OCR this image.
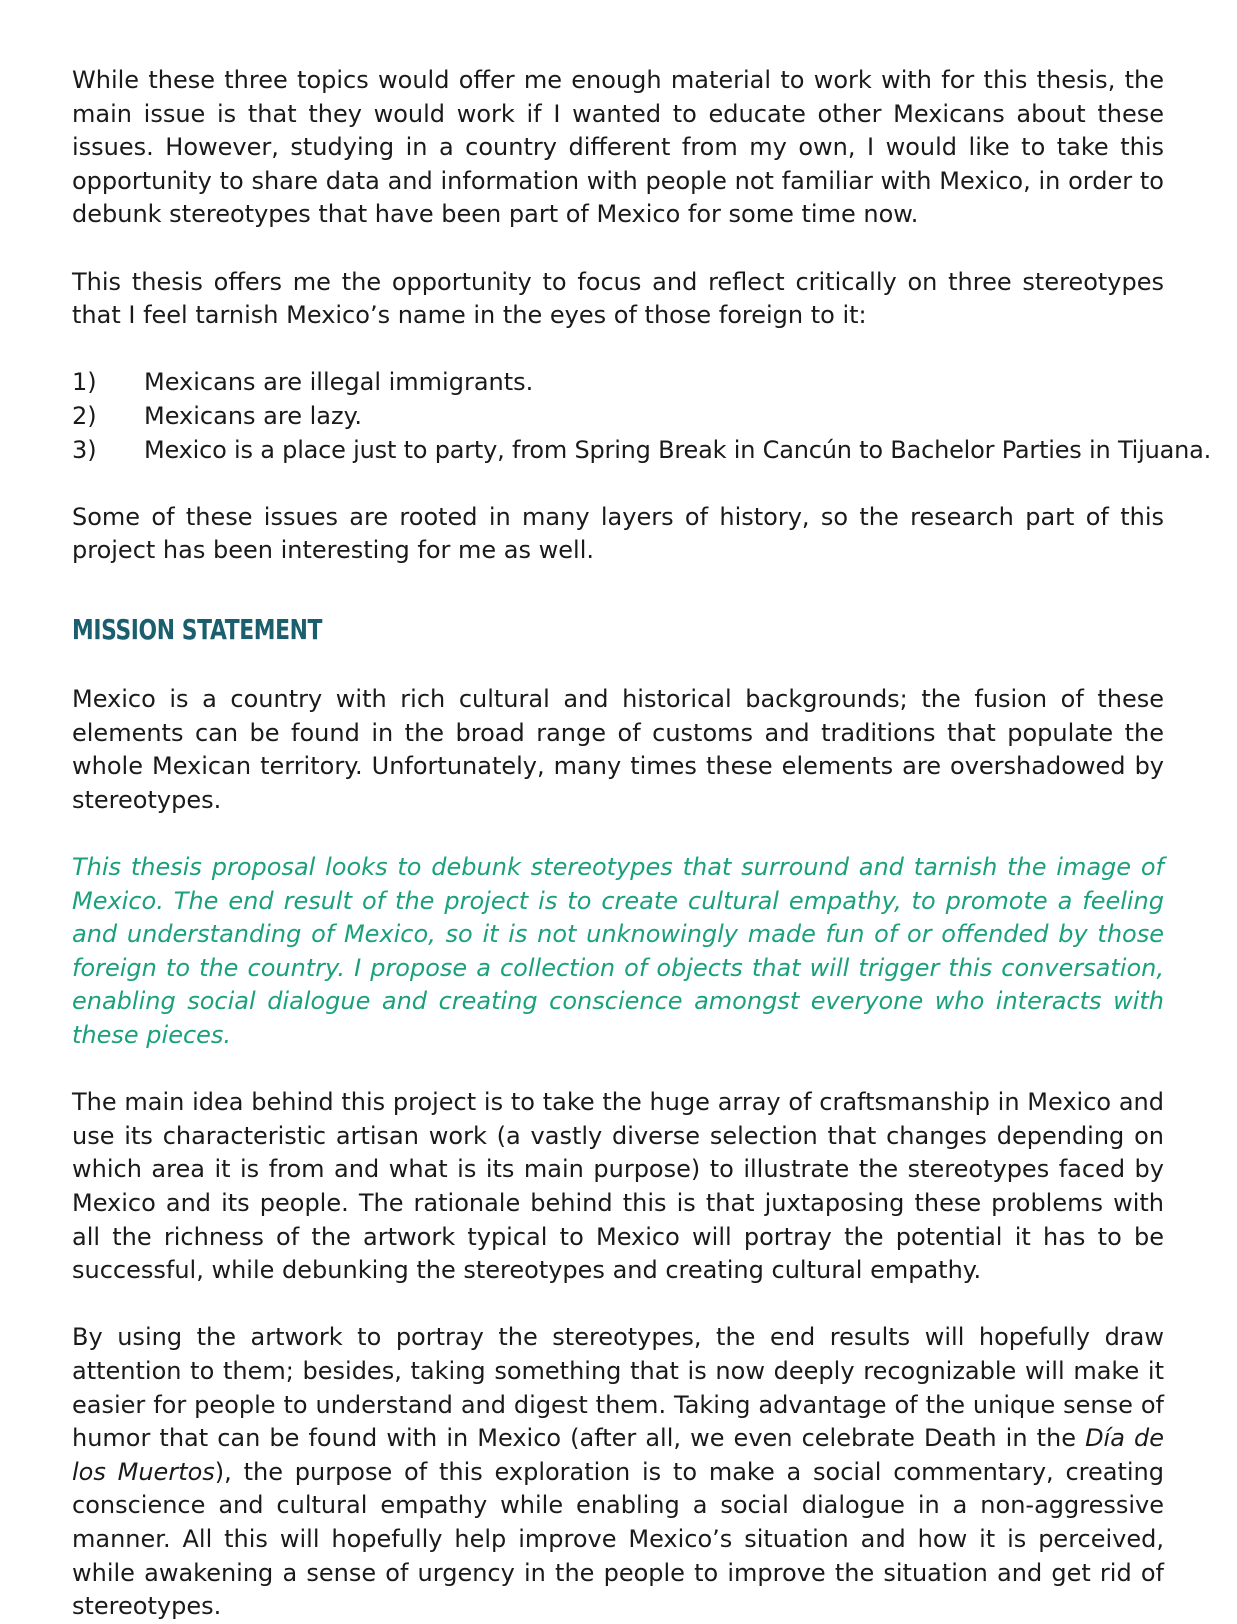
While these three topics would offer me enough material to work with for this thesis, the main issue is that they would work if I wanted to educate other Mexicans about these issues. However, studying in a country different from my own, I would like to take this opportunity to share data and information with people not familiar with Mexico, in order to debunk stereotypes that have been part of Mexico for some time now.

This thesis offers me the opportunity to focus and reflect critically on three stereotypes that I feel tarnish Mexico’s name in the eyes of those foreign to it:

1)	Mexicans are illegal immigrants.
2)	Mexicans are lazy.
3)	Mexico is a place just to party, from Spring Break in Cancún to Bachelor Parties in Tijuana.

Some of these issues are rooted in many layers of history, so the research part of this project has been interesting for me as well.

MISSION STATEMENT

Mexico is a country with rich cultural and historical backgrounds; the fusion of these elements can be found in the broad range of customs and traditions that populate the whole Mexican territory. Unfortunately, many times these elements are overshadowed by stereotypes.

This thesis proposal looks to debunk stereotypes that surround and tarnish the image of Mexico. The end result of the project is to create cultural empathy, to promote a feeling and understanding of Mexico, so it is not unknowingly made fun of or offended by those foreign to the country. I propose a collection of objects that will trigger this conversation, enabling social dialogue and creating conscience amongst everyone who interacts with these pieces.

The main idea behind this project is to take the huge array of craftsmanship in Mexico and use its characteristic artisan work (a vastly diverse selection that changes depending on which area it is from and what is its main purpose) to illustrate the stereotypes faced by Mexico and its people. The rationale behind this is that juxtaposing these problems with all the richness of the artwork typical to Mexico will portray the potential it has to be successful, while debunking the stereotypes and creating cultural empathy.

By using the artwork to portray the stereotypes, the end results will hopefully draw attention to them; besides, taking something that is now deeply recognizable will make it easier for people to understand and digest them. Taking advantage of the unique sense of humor that can be found with in Mexico (after all, we even celebrate Death in the Día de los Muertos), the purpose of this exploration is to make a social commentary, creating conscience and cultural empathy while enabling a social dialogue in a non-aggressive manner. All this will hopefully help improve Mexico’s situation and how it is perceived, while awakening a sense of urgency in the people to improve the situation and get rid of stereotypes.
